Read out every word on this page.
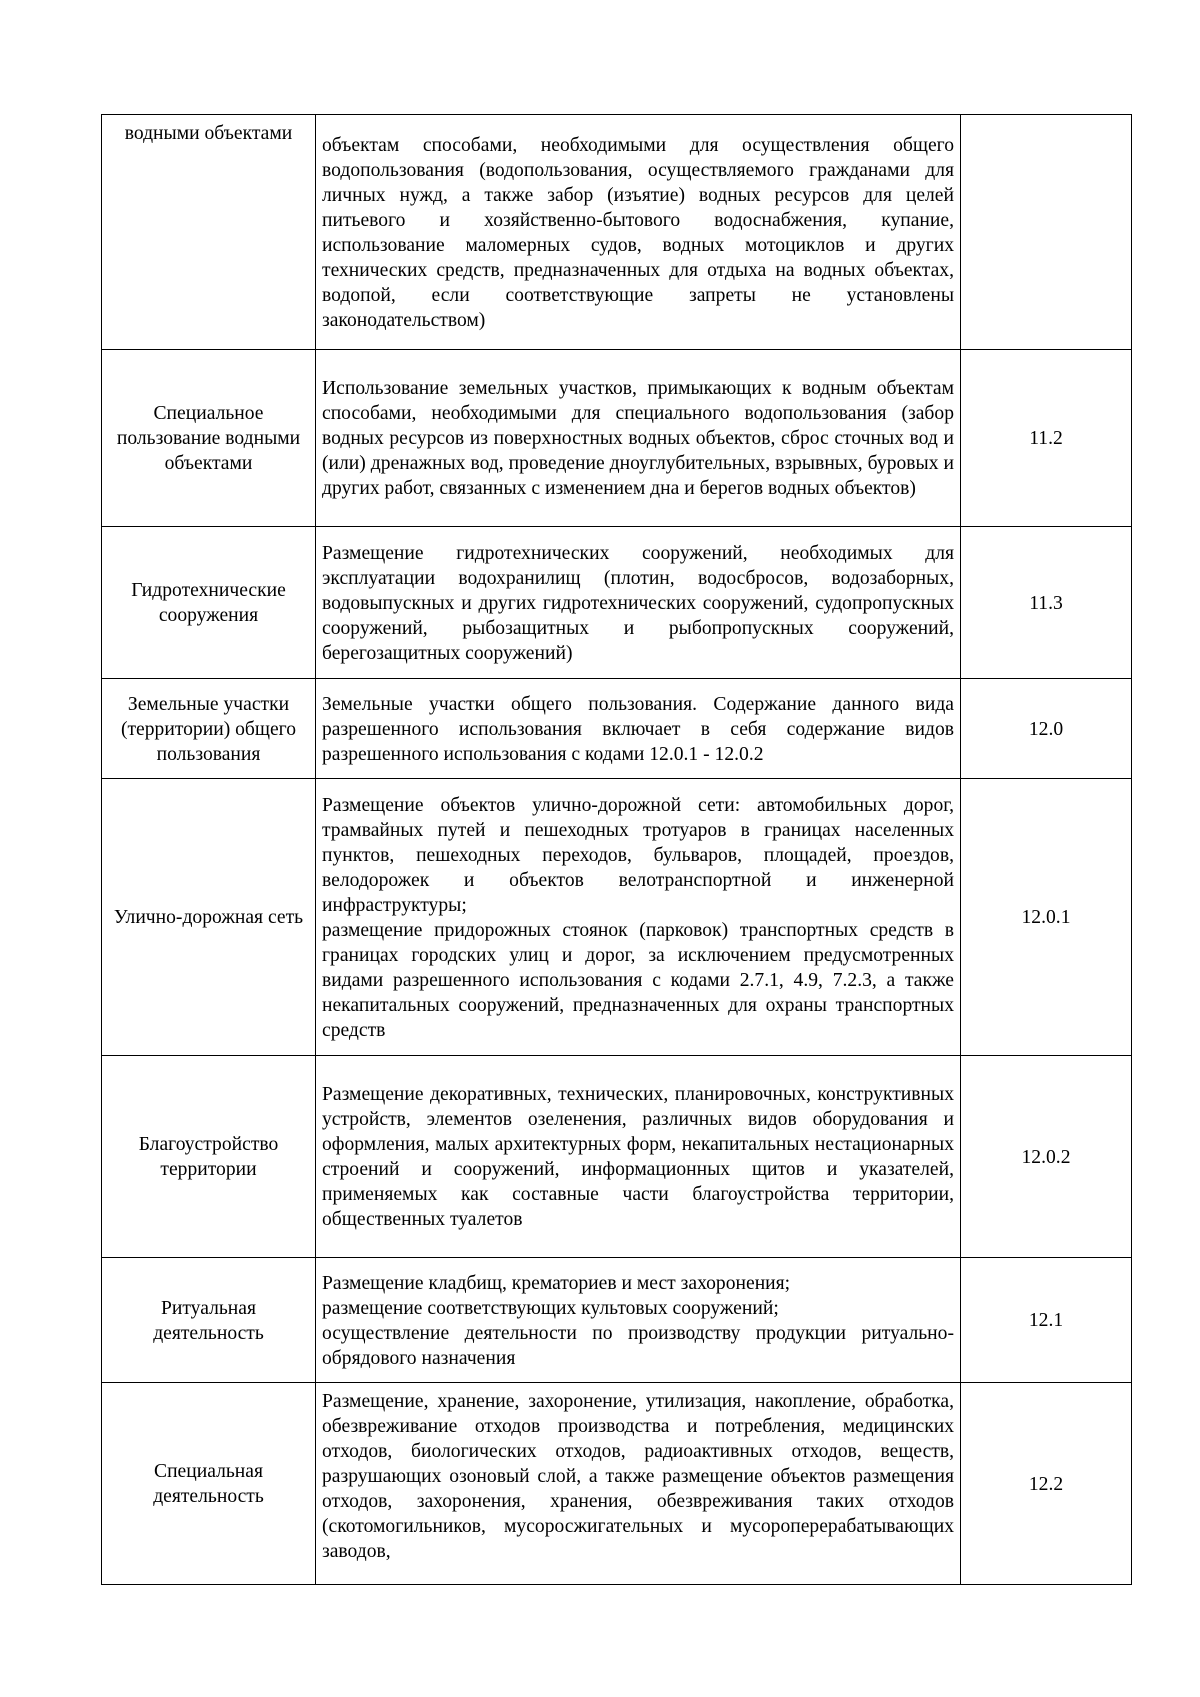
водными объектами	объектам способами, необходимыми для осуществления общего водопользования (водопользования, осуществляемого гражданами для личных нужд, а также забор (изъятие) водных ресурсов для целей питьевого и хозяйственно-бытового водоснабжения, купание, использование маломерных судов, водных мотоциклов и других технических средств, предназначенных для отдыха на водных объектах, водопой, если соответствующие запреты не установлены законодательством)	

Специальное пользование водными объектами	Использование земельных участков, примыкающих к водным объектам способами, необходимыми для специального водопользования (забор водных ресурсов из поверхностных водных объектов, сброс сточных вод и (или) дренажных вод, проведение дноуглубительных, взрывных, буровых и других работ, связанных с изменением дна и берегов водных объектов)	11.2
Гидротехнические сооружения	Размещение гидротехнических сооружений, необходимых для эксплуатации водохранилищ (плотин, водосбросов, водозаборных, водовыпускных и других гидротехнических сооружений, судопропускных сооружений, рыбозащитных и рыбопропускных сооружений, берегозащитных сооружений)	11.3
Земельные участки (территории) общего пользования	Земельные участки общего пользования. Содержание данного вида разрешенного использования включает в себя содержание видов разрешенного использования с кодами 12.0.1 - 12.0.2	12.0
Улично-дорожная сеть	Размещение объектов улично-дорожной сети: автомобильных дорог, трамвайных путей и пешеходных тротуаров в границах населенных пунктов, пешеходных переходов, бульваров, площадей, проездов, велодорожек и объектов велотранспортной и инженерной инфраструктуры;
размещение придорожных стоянок (парковок) транспортных средств в границах городских улиц и дорог, за исключением предусмотренных видами разрешенного использования с кодами 2.7.1, 4.9, 7.2.3, а также некапитальных сооружений, предназначенных для охраны транспортных средств	12.0.1
Благоустройство территории	Размещение декоративных, технических, планировочных, конструктивных устройств, элементов озеленения, различных видов оборудования и оформления, малых архитектурных форм, некапитальных нестационарных строений и сооружений, информационных щитов и указателей, применяемых как составные части благоустройства территории, общественных туалетов	12.0.2
Ритуальная деятельность	Размещение кладбищ, крематориев и мест захоронения;
размещение соответствующих культовых сооружений;
осуществление деятельности по производству продукции ритуально-обрядового назначения	12.1
Специальная деятельность	Размещение, хранение, захоронение, утилизация, накопление, обработка, обезвреживание отходов производства и потребления, медицинских отходов, биологических отходов, радиоактивных отходов, веществ, разрушающих озоновый слой, а также размещение объектов размещения отходов, захоронения, хранения, обезвреживания таких отходов (скотомогильников, мусоросжигательных и мусороперерабатывающих заводов,	12.2
